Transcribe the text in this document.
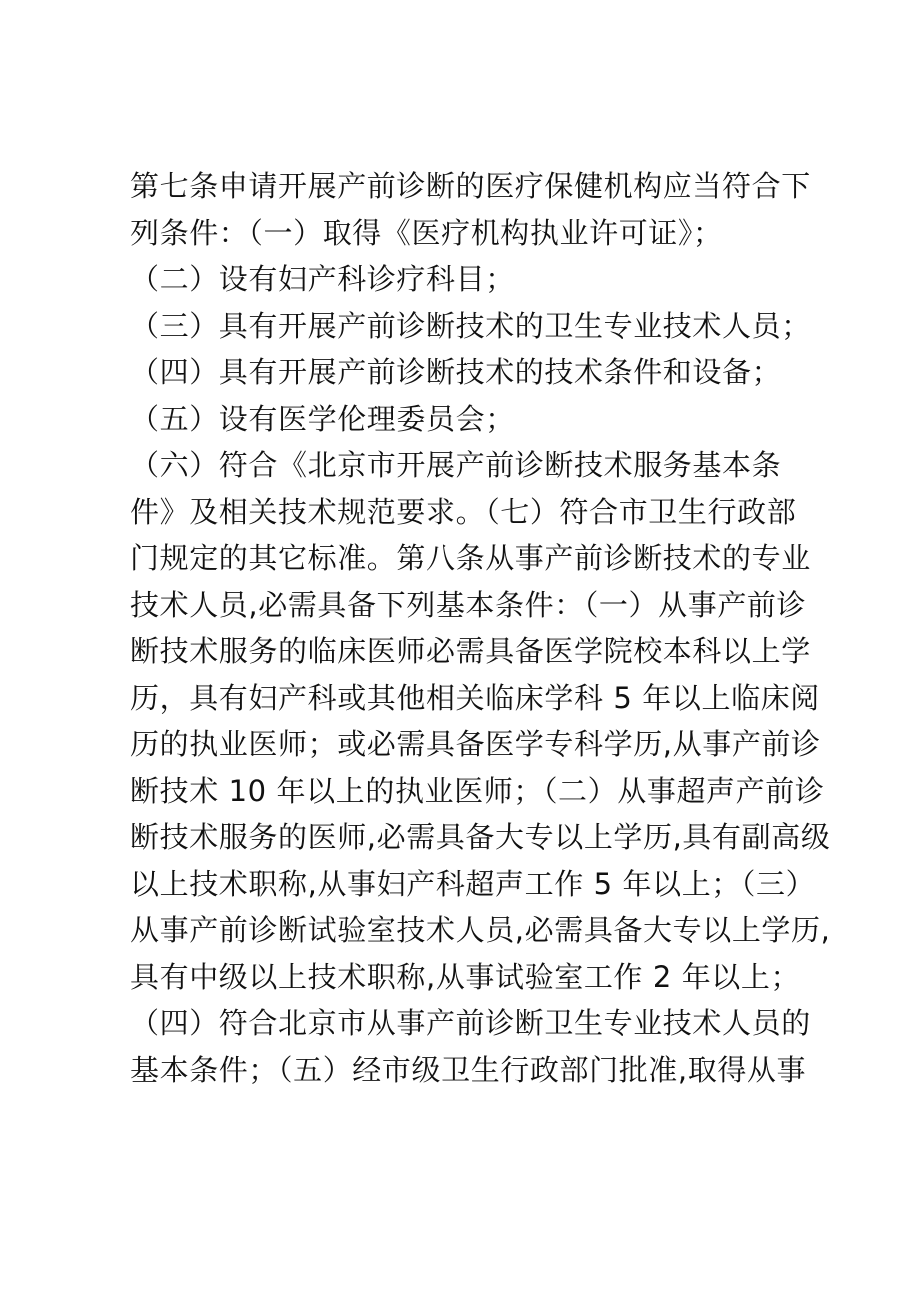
第七条申请开展产前诊断的医疗保健机构应当符合下
列条件：（一）取得《医疗机构执业许可证》；
（二）设有妇产科诊疗科目；
（三）具有开展产前诊断技术的卫生专业技术人员；
（四）具有开展产前诊断技术的技术条件和设备；
（五）设有医学伦理委员会；
（六）符合《北京市开展产前诊断技术服务基本条
件》及相关技术规范要求。（七）符合市卫生行政部
门规定的其它标准。第八条从事产前诊断技术的专业
技术人员,必需具备下列基本条件：（一）从事产前诊
断技术服务的临床医师必需具备医学院校本科以上学
历，具有妇产科或其他相关临床学科 5 年以上临床阅
历的执业医师；或必需具备医学专科学历,从事产前诊
断技术 10 年以上的执业医师；（二）从事超声产前诊
断技术服务的医师,必需具备大专以上学历,具有副高级
以上技术职称,从事妇产科超声工作 5 年以上；（三）
从事产前诊断试验室技术人员,必需具备大专以上学历,
具有中级以上技术职称,从事试验室工作 2 年以上；
（四）符合北京市从事产前诊断卫生专业技术人员的
基本条件；（五）经市级卫生行政部门批准,取得从事
